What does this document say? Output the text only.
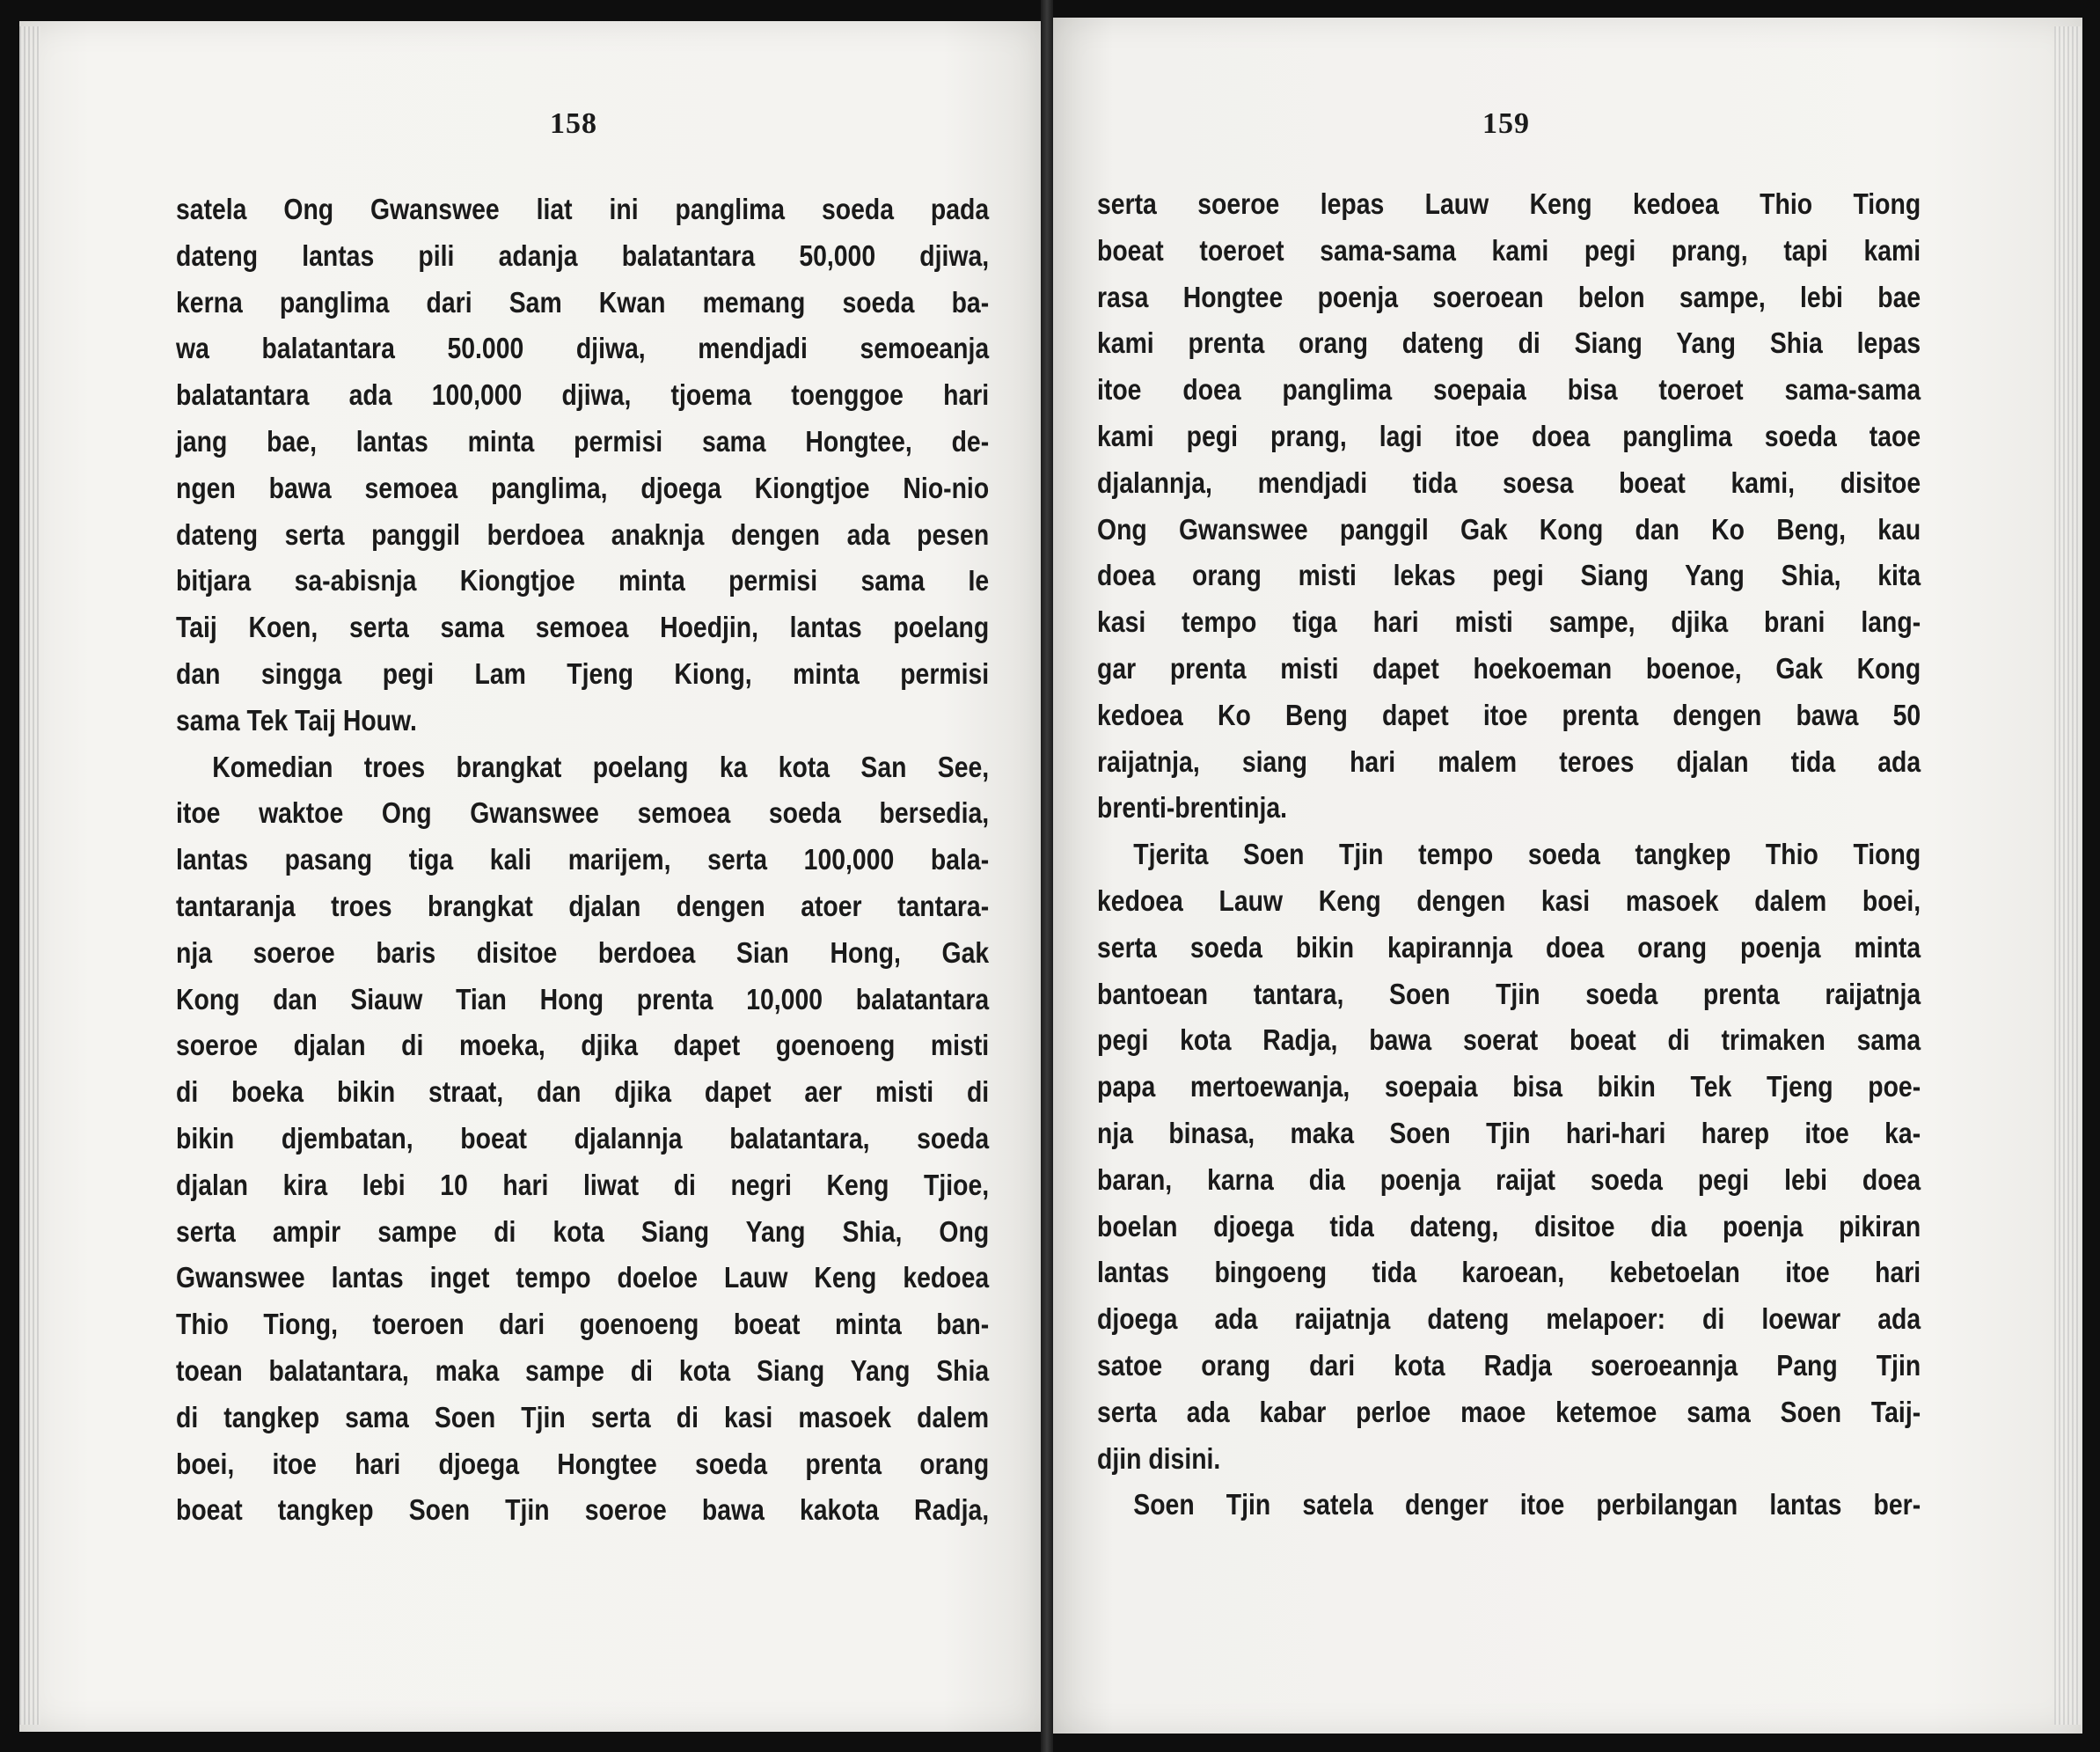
158	159
satela Ong Gwanswee liat ini panglima soeda pada
dateng lantas pili adanja balatantara 50,000 djiwa,
kerna panglima dari Sam Kwan memang soeda ba-
wa balatantara 50.000 djiwa, mendjadi semoeanja
balatantara ada 100,000 djiwa, tjoema toenggoe hari
jang bae, lantas minta permisi sama Hongtee, de-
ngen bawa semoea panglima, djoega Kiongtjoe Nio-nio
dateng serta panggil berdoea anaknja dengen ada pesen
bitjara sa-abisnja Kiongtjoe minta permisi sama Ie
Taij Koen, serta sama semoea Hoedjin, lantas poelang
dan singga pegi Lam Tjeng Kiong, minta permisi
sama Tek Taij Houw.
Komedian troes brangkat poelang ka kota San See,
itoe waktoe Ong Gwanswee semoea soeda bersedia,
lantas pasang tiga kali marijem, serta 100,000 bala-
tantaranja troes brangkat djalan dengen atoer tantara-
nja soeroe baris disitoe berdoea Sian Hong, Gak
Kong dan Siauw Tian Hong prenta 10,000 balatantara
soeroe djalan di moeka, djika dapet goenoeng misti
di boeka bikin straat, dan djika dapet aer misti di
bikin djembatan, boeat djalannja balatantara, soeda
djalan kira lebi 10 hari liwat di negri Keng Tjioe,
serta ampir sampe di kota Siang Yang Shia, Ong
Gwanswee lantas inget tempo doeloe Lauw Keng kedoea
Thio Tiong, toeroen dari goenoeng boeat minta ban-
toean balatantara, maka sampe di kota Siang Yang Shia
di tangkep sama Soen Tjin serta di kasi masoek dalem
boei, itoe hari djoega Hongtee soeda prenta orang
boeat tangkep Soen Tjin soeroe bawa kakota Radja,
serta soeroe lepas Lauw Keng kedoea Thio Tiong
boeat toeroet sama-sama kami pegi prang, tapi kami
rasa Hongtee poenja soeroean belon sampe, lebi bae
kami prenta orang dateng di Siang Yang Shia lepas
itoe doea panglima soepaia bisa toeroet sama-sama
kami pegi prang, lagi itoe doea panglima soeda taoe
djalannja, mendjadi tida soesa boeat kami, disitoe
Ong Gwanswee panggil Gak Kong dan Ko Beng, kau
doea orang misti lekas pegi Siang Yang Shia, kita
kasi tempo tiga hari misti sampe, djika brani lang-
gar prenta misti dapet hoekoeman boenoe, Gak Kong
kedoea Ko Beng dapet itoe prenta dengen bawa 50
raijatnja, siang hari malem teroes djalan tida ada
brenti-brentinja.
Tjerita Soen Tjin tempo soeda tangkep Thio Tiong
kedoea Lauw Keng dengen kasi masoek dalem boei,
serta soeda bikin kapirannja doea orang poenja minta
bantoean tantara, Soen Tjin soeda prenta raijatnja
pegi kota Radja, bawa soerat boeat di trimaken sama
papa mertoewanja, soepaia bisa bikin Tek Tjeng poe-
nja binasa, maka Soen Tjin hari-hari harep itoe ka-
baran, karna dia poenja raijat soeda pegi lebi doea
boelan djoega tida dateng, disitoe dia poenja pikiran
lantas bingoeng tida karoean, kebetoelan itoe hari
djoega ada raijatnja dateng melapoer: di loewar ada
satoe orang dari kota Radja soeroeannja Pang Tjin
serta ada kabar perloe maoe ketemoe sama Soen Taij-
djin disini.
Soen Tjin satela denger itoe perbilangan lantas ber-
